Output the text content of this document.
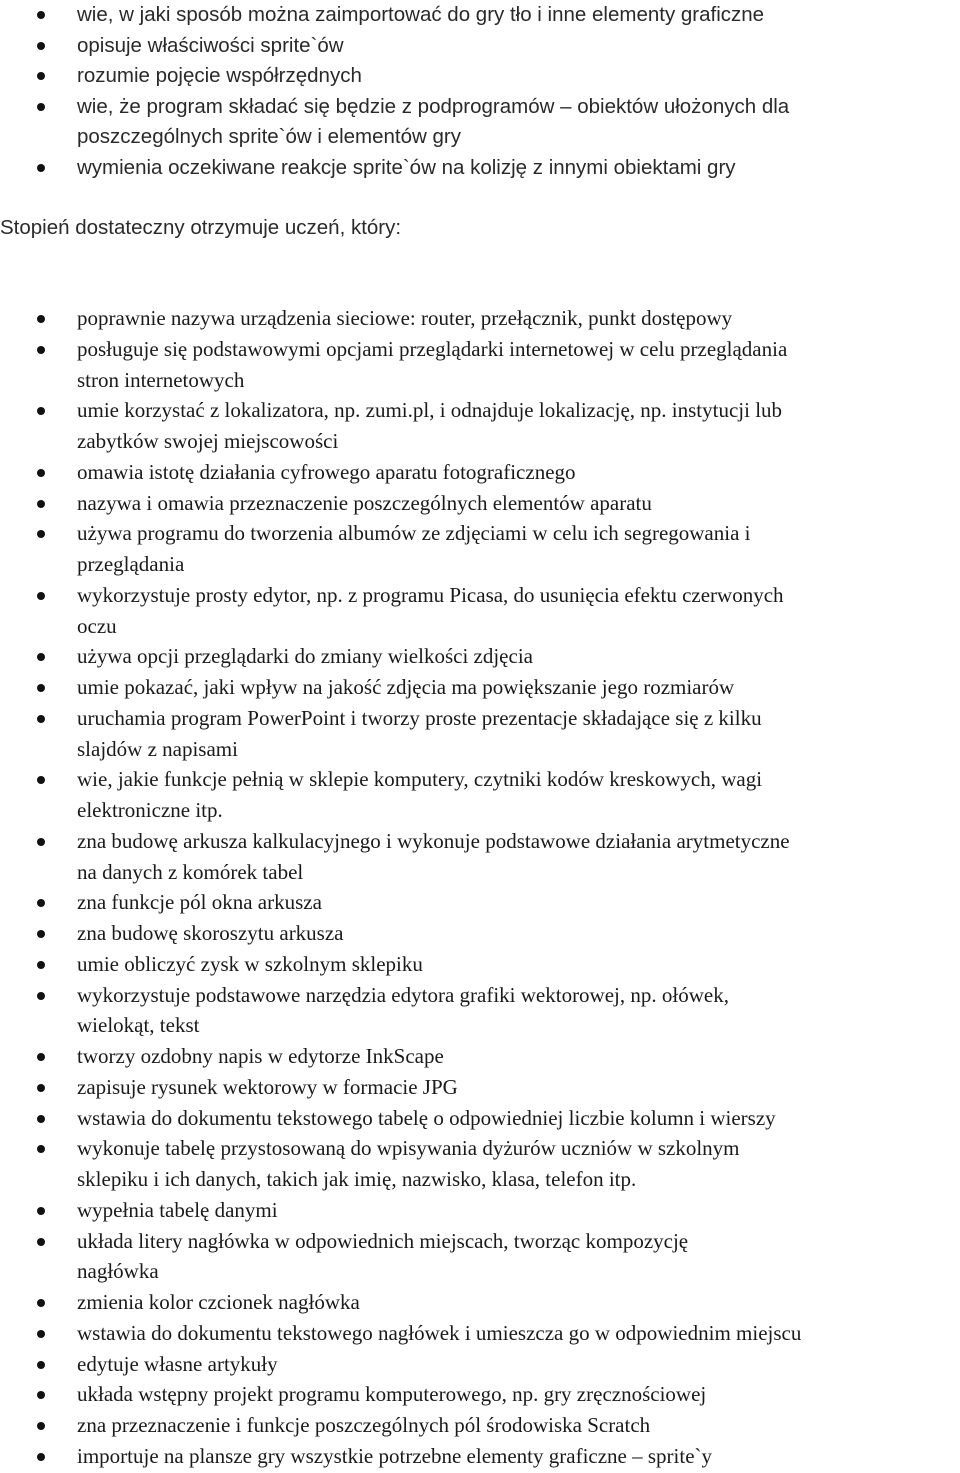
wie, w jaki sposób można zaimportować do gry tło i inne elementy graficzne
opisuje właściwości sprite`ów
rozumie pojęcie współrzędnych
wie, że program składać się będzie z podprogramów – obiektów ułożonych dla
poszczególnych sprite`ów i elementów gry
wymienia oczekiwane reakcje sprite`ów na kolizję z innymi obiektami gry
Stopień dostateczny otrzymuje uczeń, który:
poprawnie nazywa urządzenia sieciowe: router, przełącznik, punkt dostępowy
posługuje się podstawowymi opcjami przeglądarki internetowej w celu przeglądania
stron internetowych
umie korzystać z lokalizatora, np. zumi.pl, i odnajduje lokalizację, np. instytucji lub
zabytków swojej miejscowości
omawia istotę działania cyfrowego aparatu fotograficznego
nazywa i omawia przeznaczenie poszczególnych elementów aparatu
używa programu do tworzenia albumów ze zdjęciami w celu ich segregowania i
przeglądania
wykorzystuje prosty edytor, np. z programu Picasa, do usunięcia efektu czerwonych
oczu
używa opcji przeglądarki do zmiany wielkości zdjęcia
umie pokazać, jaki wpływ na jakość zdjęcia ma powiększanie jego rozmiarów
uruchamia program PowerPoint i tworzy proste prezentacje składające się z kilku
slajdów z napisami
wie, jakie funkcje pełnią w sklepie komputery, czytniki kodów kreskowych, wagi
elektroniczne itp.
zna budowę arkusza kalkulacyjnego i wykonuje podstawowe działania arytmetyczne
na danych z komórek tabel
zna funkcje pól okna arkusza
zna budowę skoroszytu arkusza
umie obliczyć zysk w szkolnym sklepiku
wykorzystuje podstawowe narzędzia edytora grafiki wektorowej, np. ołówek,
wielokąt, tekst
tworzy ozdobny napis w edytorze InkScape
zapisuje rysunek wektorowy w formacie JPG
wstawia do dokumentu tekstowego tabelę o odpowiedniej liczbie kolumn i wierszy
wykonuje tabelę przystosowaną do wpisywania dyżurów uczniów w szkolnym
sklepiku i ich danych, takich jak imię, nazwisko, klasa, telefon itp.
wypełnia tabelę danymi
układa litery nagłówka w odpowiednich miejscach, tworząc kompozycję
nagłówka
zmienia kolor czcionek nagłówka
wstawia do dokumentu tekstowego nagłówek i umieszcza go w odpowiednim miejscu
edytuje własne artykuły
układa wstępny projekt programu komputerowego, np. gry zręcznościowej
zna przeznaczenie i funkcje poszczególnych pól środowiska Scratch
importuje na plansze gry wszystkie potrzebne elementy graficzne – sprite`y
